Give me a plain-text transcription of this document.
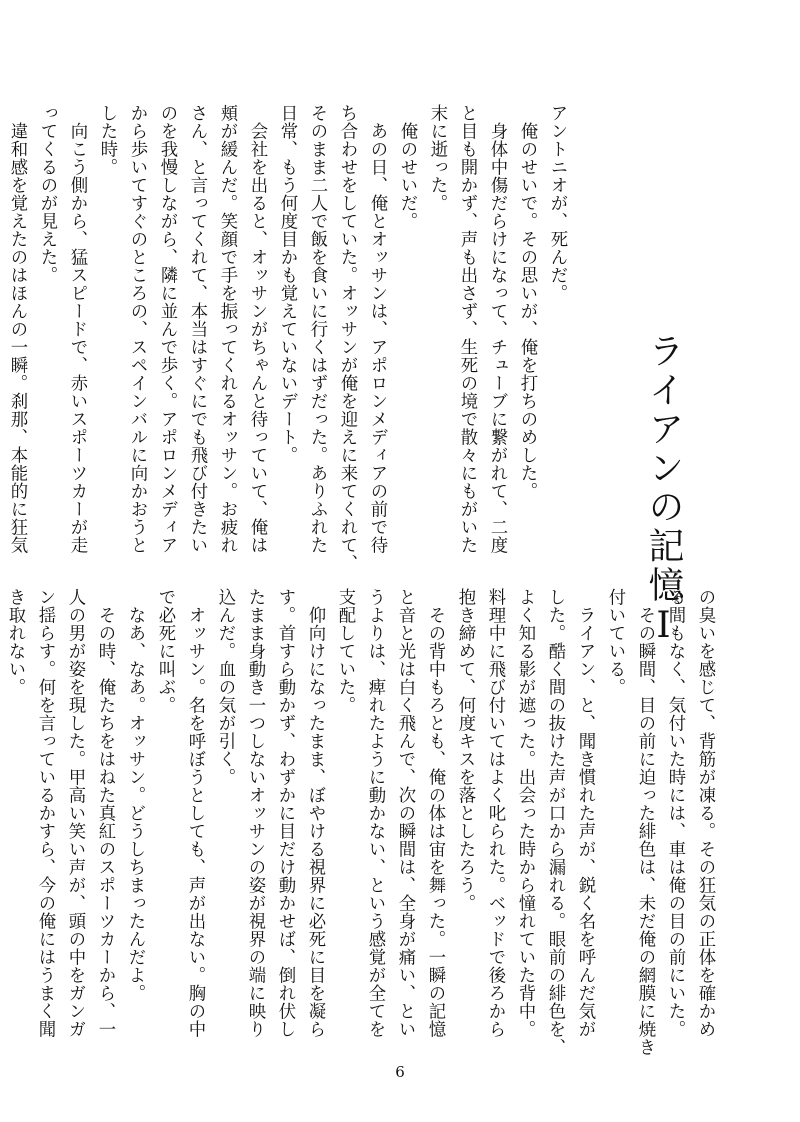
ライアンの記憶Ⅰ

アントニオが、死んだ。

　俺のせいで。その思いが、俺を打ちのめした。

　身体中傷だらけになって、チューブに繋がれて、二度

と目も開かず、声も出さず、生死の境で散々にもがいた

末に逝った。

　俺のせいだ。

　あの日、俺とオッサンは、アポロンメディアの前で待

ち合わせをしていた。オッサンが俺を迎えに来てくれて、

そのまま二人で飯を食いに行くはずだった。ありふれた

日常、もう何度目かも覚えていないデート。

　会社を出ると、オッサンがちゃんと待っていて、俺は

頬が緩んだ。笑顔で手を振ってくれるオッサン。お疲れ

さん、と言ってくれて、本当はすぐにでも飛び付きたい

のを我慢しながら、隣に並んで歩く。アポロンメディア

から歩いてすぐのところの、スペインバルに向かおうと

した時。

　向こう側から、猛スピードで、赤いスポーツカーが走

ってくるのが見えた。

　違和感を覚えたのはほんの一瞬。刹那、本能的に狂気

の臭いを感じて、背筋が凍る。その狂気の正体を確かめ

る間もなく、気付いた時には、車は俺の目の前にいた。

　その瞬間、目の前に迫った緋色は、未だ俺の網膜に焼き

付いている。

　ライアン、と、聞き慣れた声が、鋭く名を呼んだ気が

した。酷く間の抜けた声が口から漏れる。眼前の緋色を、

よく知る影が遮った。出会った時から憧れていた背中。

料理中に飛び付いてはよく叱られた。ベッドで後ろから

抱き締めて、何度キスを落としたろう。

　その背中もろとも、俺の体は宙を舞った。一瞬の記憶

と音と光は白く飛んで、次の瞬間は、全身が痛い、とい

うよりは、痺れたように動かない、という感覚が全てを

支配していた。

　仰向けになったまま、ぼやける視界に必死に目を凝ら

す。首すら動かず、わずかに目だけ動かせば、倒れ伏し

たまま身動き一つしないオッサンの姿が視界の端に映り

込んだ。血の気が引く。

　オッサン。名を呼ぼうとしても、声が出ない。胸の中

で必死に叫ぶ。

　なあ、なあ。オッサン。どうしちまったんだよ。

　その時、俺たちをはねた真紅のスポーツカーから、一

人の男が姿を現した。甲高い笑い声が、頭の中をガンガ

ン揺らす。何を言っているかすら、今の俺にはうまく聞

き取れない。

6
